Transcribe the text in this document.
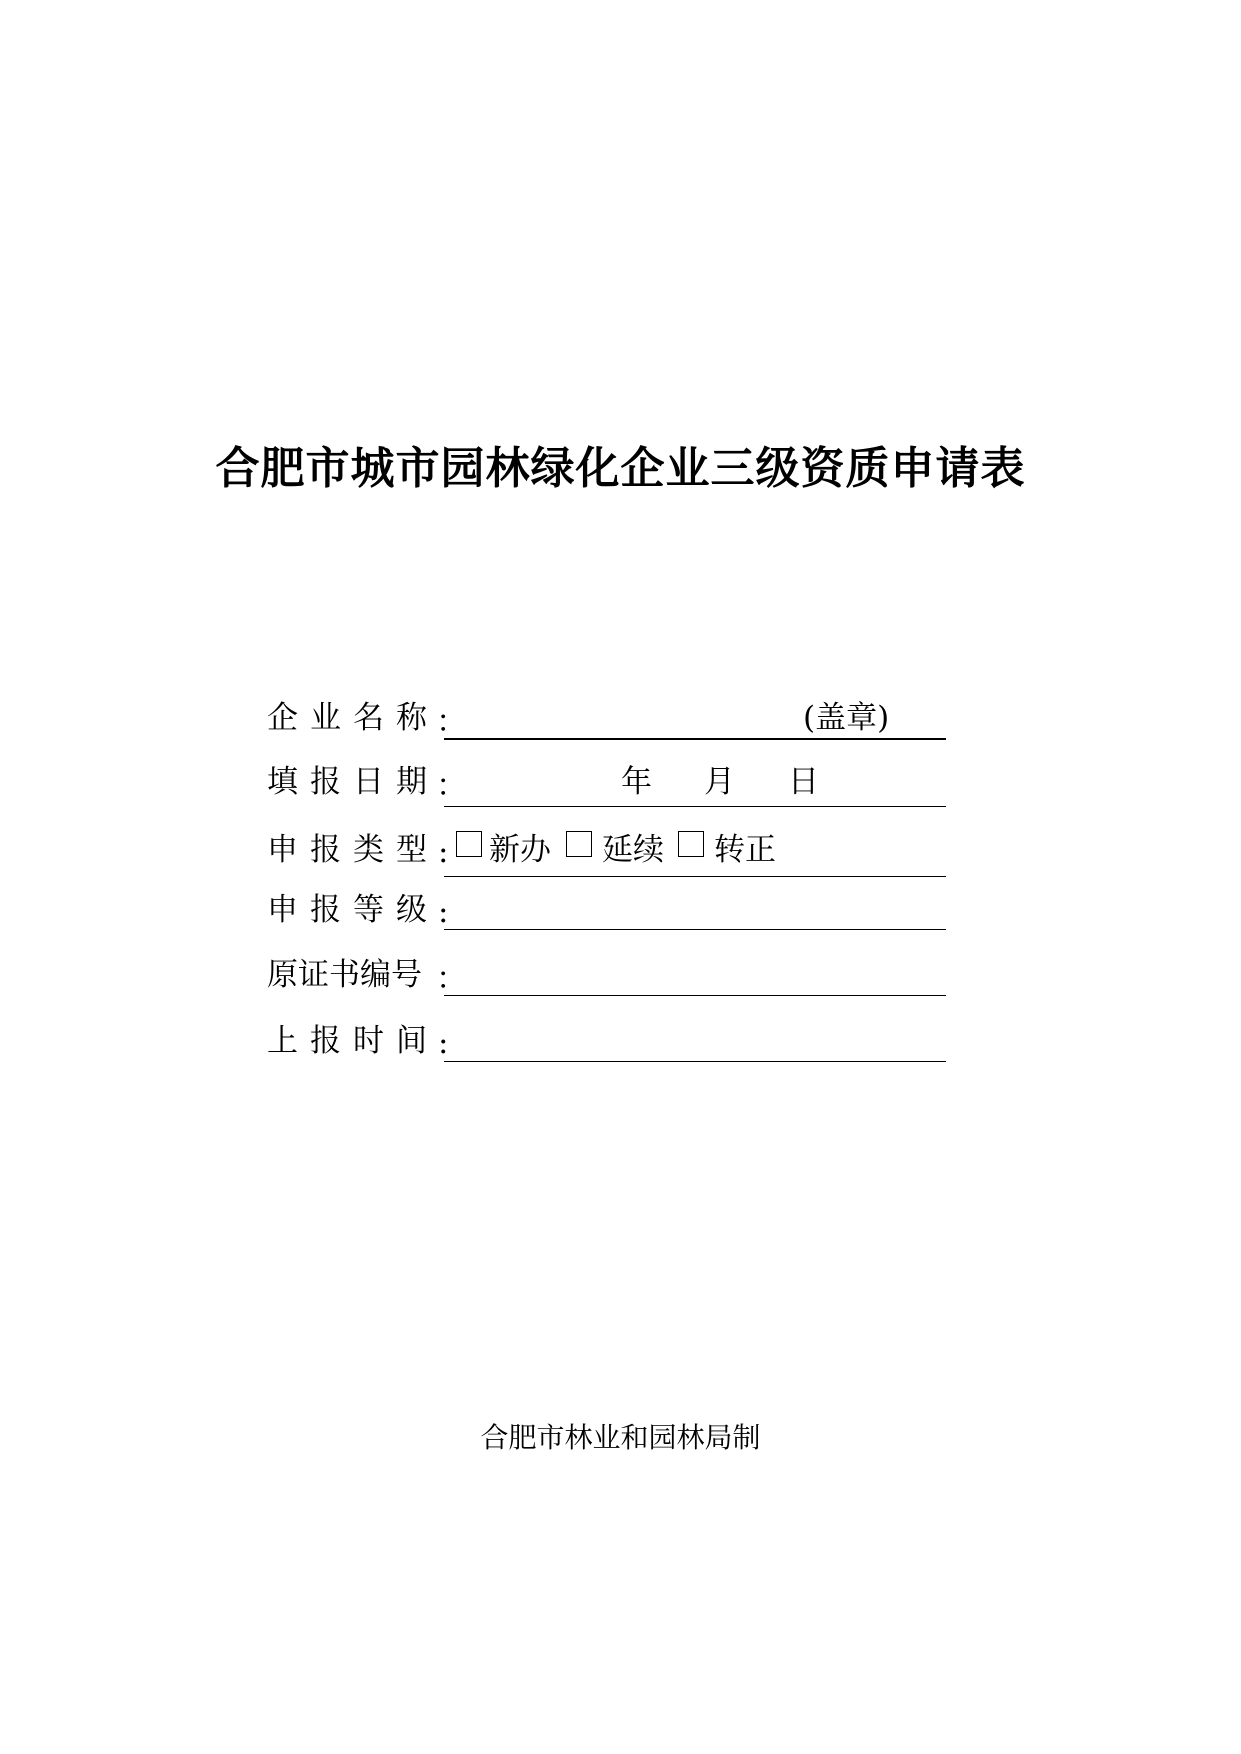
合肥市城市园林绿化企业三级资质申请表
企业名称
：	(盖章)
填报日期
：	年 月 日
申报类型 : 新办 延续 转正
申报等级 :
原证书编号 ：
上报时间 :
合肥市林业和园林局制
